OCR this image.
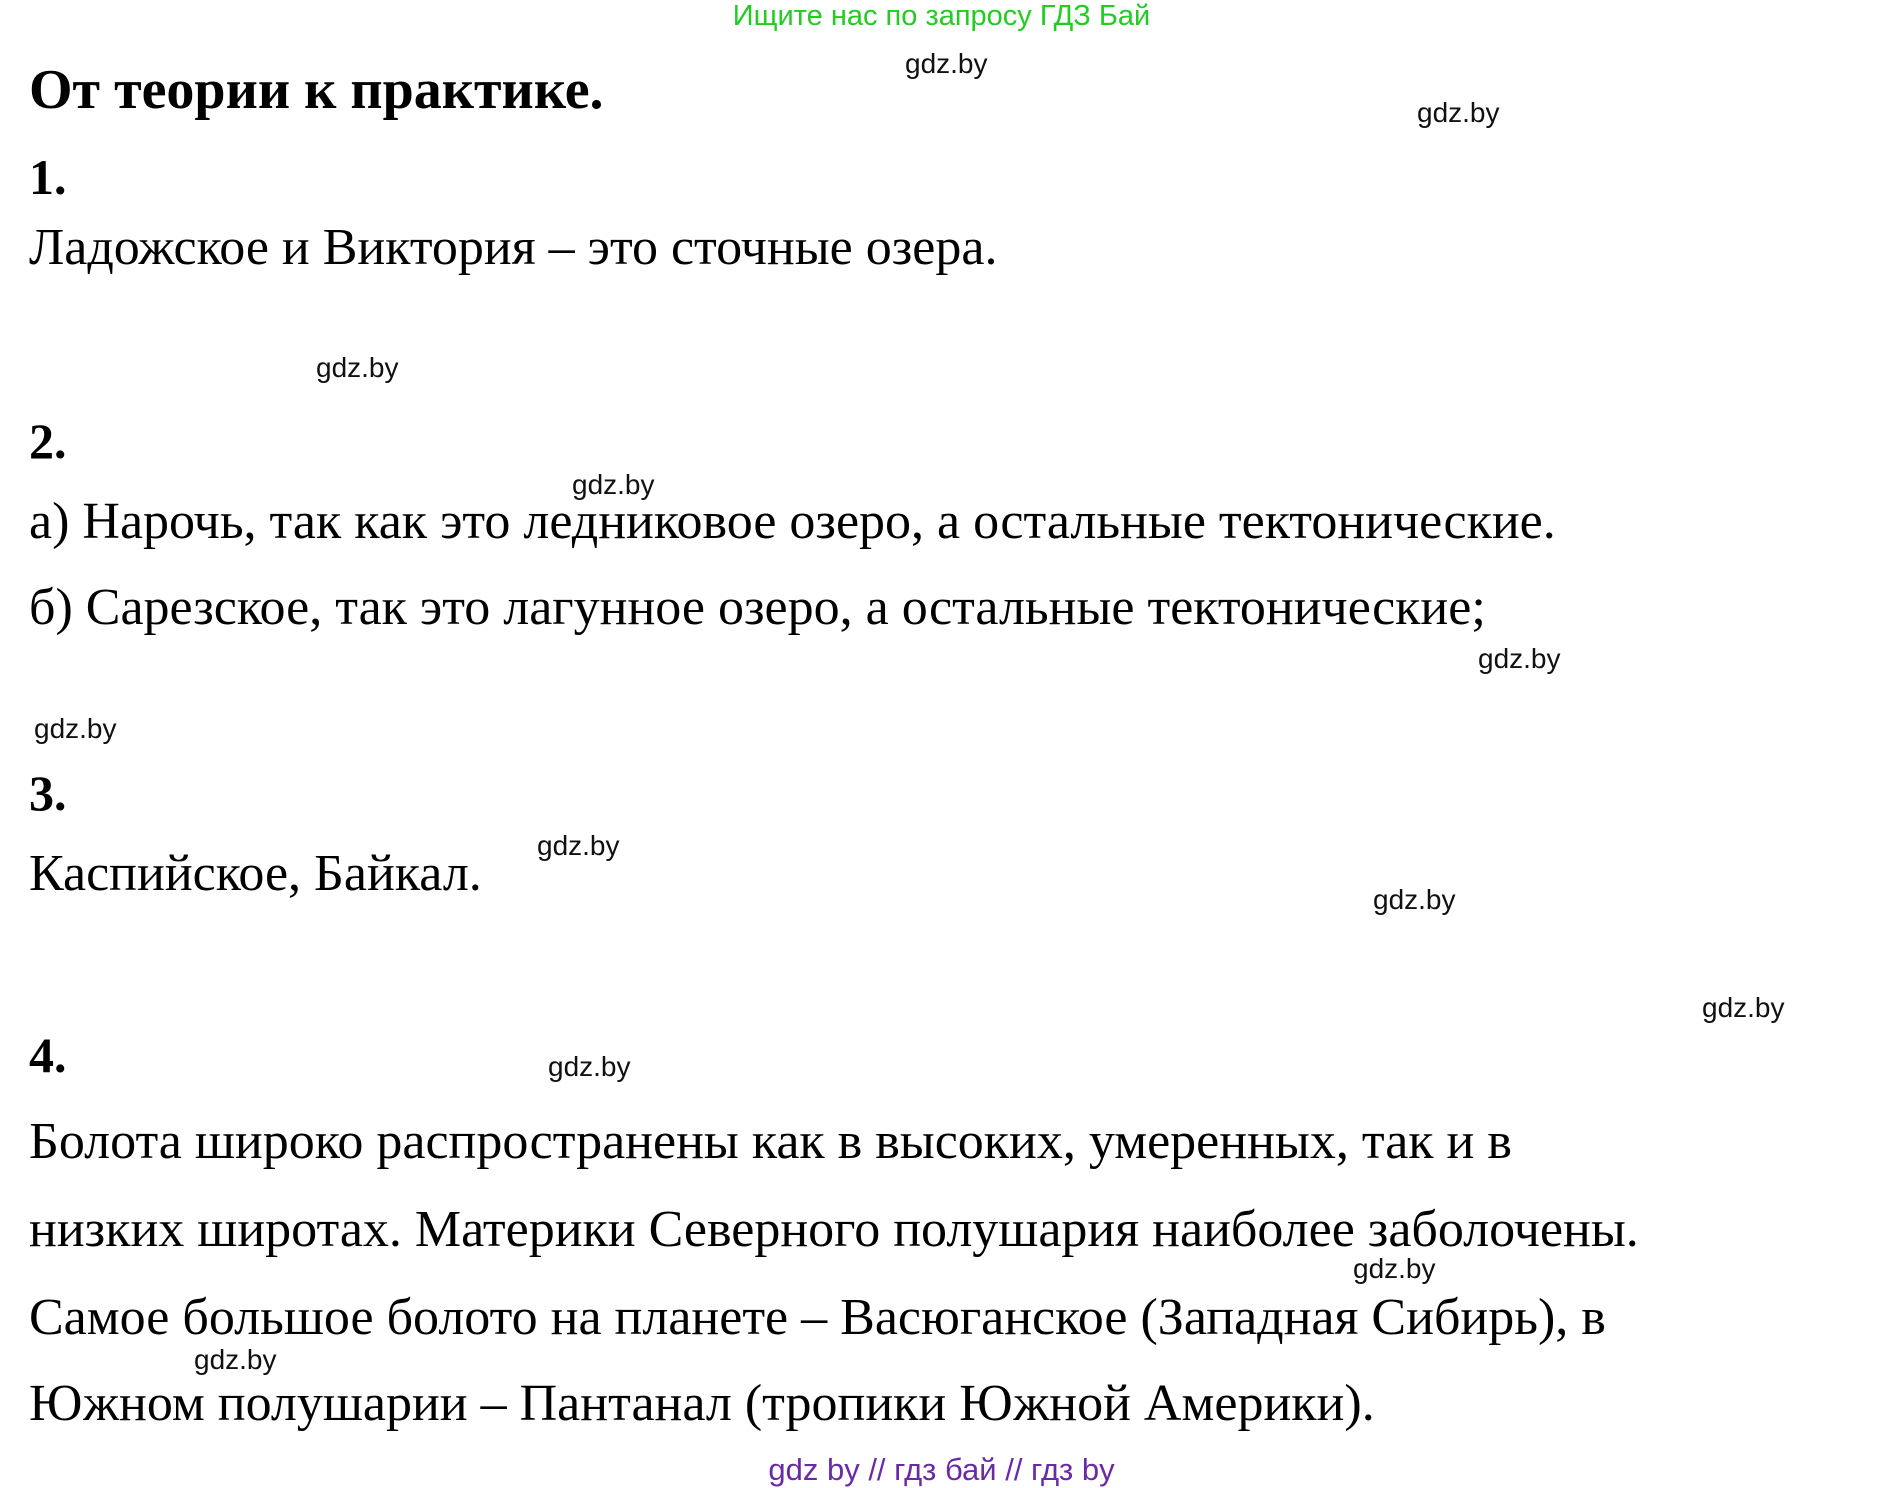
Ищите нас по запросу ГДЗ Бай
От теории к практике.
1.
Ладожское и Виктория – это сточные озера.
2.
а) Нарочь, так как это ледниковое озеро, а остальные тектонические.
б) Сарезское, так это лагунное озеро, а остальные тектонические;
3.
Каспийское, Байкал.
4.
Болота широко распространены как в высоких, умеренных, так и в
низких широтах. Материки Северного полушария наиболее заболочены.
Самое большое болото на планете – Васюганское (Западная Сибирь), в
Южном полушарии – Пантанал (тропики Южной Америки).
gdz.by
gdz.by
gdz.by
gdz.by
gdz.by
gdz.by
gdz.by
gdz.by
gdz.by
gdz.by
gdz.by
gdz.by
gdz by // гдз бай // гдз by
